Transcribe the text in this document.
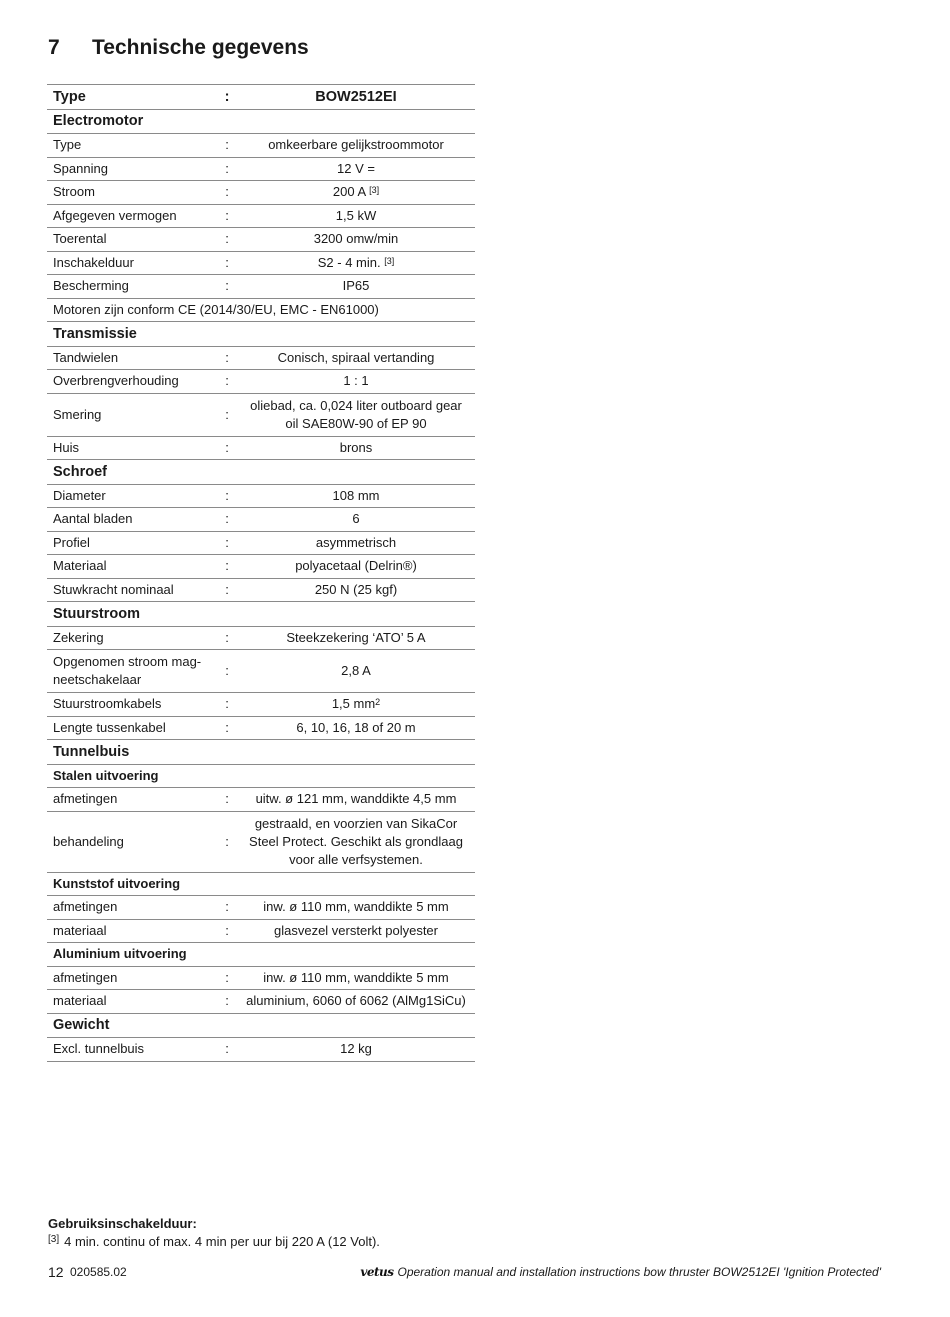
7 Technische gegevens
Type	:	BOW2512EI
Electromotor		
Type	:	omkeerbare gelijkstroommotor
Spanning	:	12 V =
Stroom	:	200 A [3]
Afgegeven vermogen	:	1,5 kW
Toerental	:	3200 omw/min
Inschakelduur	:	S2 - 4 min. [3]
Bescherming	:	IP65
Motoren zijn conform CE (2014/30/EU, EMC - EN61000)		
Transmissie		
Tandwielen	:	Conisch, spiraal vertanding
Overbrengverhouding	:	1 : 1
Smering	:	oliebad, ca. 0,024 liter outboard gear
oil SAE80W-90 of EP 90
Huis	:	brons
Schroef		
Diameter	:	108 mm
Aantal bladen	:	6
Profiel	:	asymmetrisch
Materiaal	:	polyacetaal (Delrin®)
Stuwkracht nominaal	:	250 N (25 kgf)
Stuurstroom		
Zekering	:	Steekzekering ‘ATO’ 5 A
Opgenomen stroom mag-
neetschakelaar	:	2,8 A
Stuurstroomkabels	:	1,5 $mm^2$
Lengte tussenkabel	:	6, 10, 16, 18 of 20 m
Tunnelbuis		
Stalen uitvoering		
afmetingen	:	uitw. ø 121 mm, wanddikte 4,5 mm
behandeling	:	gestraald, en voorzien van SikaCor
Steel Protect. Geschikt als grondlaag
voor alle verfsystemen.
Kunststof uitvoering		
afmetingen	:	inw. ø 110 mm, wanddikte 5 mm
materiaal	:	glasvezel versterkt polyester
Aluminium uitvoering		
afmetingen	:	inw. ø 110 mm, wanddikte 5 mm
materiaal	:	aluminium, 6060 of 6062 (AlMg1SiCu)
Gewicht		
Excl. tunnelbuis	:	12 kg
Gebruiksinschakelduur:
[3] 4 min. continu of max. 4 min per uur bij 220 A (12 Volt).
12 020585.02	vetus Operation manual and installation instructions bow thruster BOW2512EI 'Ignition Protected'
